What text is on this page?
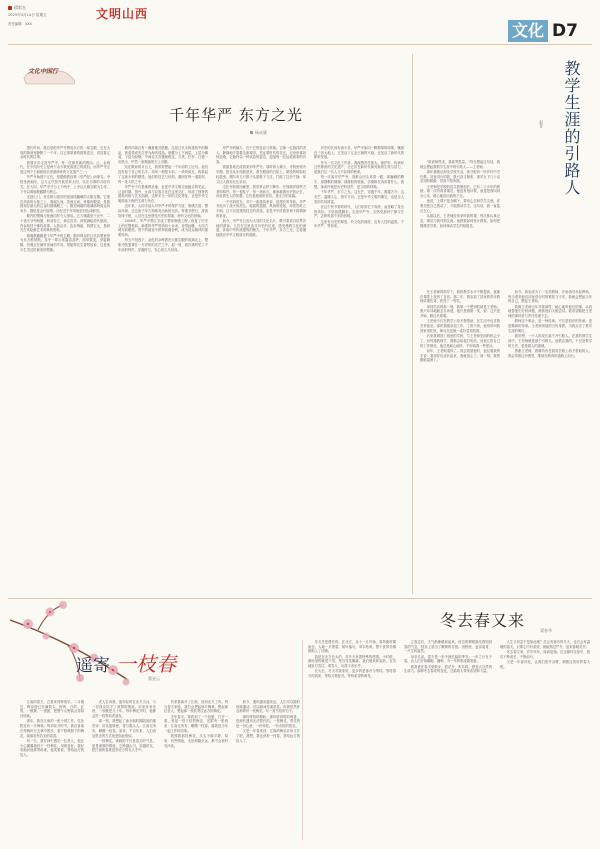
精彩在
2025年3月14日 星期五
责任编辑：XXX
文明山西
文化 D7
文化中国行
千年华严 东方之光
杨成雁

很长时间，我总是把华严寺想成东方的一座宝殿，它在大同的街巷里静默了一千年，以它那厚重的建筑语言，讲述着辽金时代的往事。

我曾多次走进华严寺，每一次都有新的感动。辽、金两代，在中国历史上是两个由少数民族建立的政权，而华严寺正是这两个王朝留给后世最珍贵的文化遗产之一。

华严寺始建于辽代，依据佛教经典《华严经》而命名。寺院坐西朝东，这与辽代契丹族崇拜太阳、以东为尊的习俗有关。在大同，华严寺分为上下两寺，上寺以大雄宝殿为主体，下寺以薄伽教藏殿为核心。

走进山门，首先映入眼帘的是那座巍峨的大雄宝殿。它建在高高的台基之上，面阔九间，进深五间，单檐庑殿顶，是我国现存最大的辽金时期佛殿之一。殿顶两端的琉璃鸱吻高达四米多，据说是金代原物，历经近千年风雨依旧色泽鲜亮。

殿内的塑像与壁画同样令人惊叹。五方佛端坐于正中，二十诸天分列两侧，躬身侍立，神态各异。四壁满绘清代壁画，内容取材于佛传故事，人物众多，色彩绚丽，构图宏大，是研究古代绘画艺术的珍贵资料。

薄伽教藏殿是下华严寺的主殿，殿内保存的辽代彩塑被誉为东方维纳斯。其中一尊合掌露齿菩萨，面带微笑，身姿婀娜，仿佛正在倾听世间的声音。郑振铎先生曾赞叹说，这是他平生见过的最美的塑像。

殿内四周还有一圈重楼式壁藏，这是辽代木构建筑中的精品，被梁思成先生誉为海内孤品。壁藏分上下两层，上层为佛龛，下层为经橱，中间以天宫楼阁相连，斗拱、栏杆、门窗一应俱全，俨然一座微缩的天上宫殿。

站在殿前的月台上，我常常想起一千年前的工匠们。他们没有留下自己的名字，却用一根根木料、一块块砖瓦，构筑起了这座永恒的殿堂。他们的技艺与信仰，凝固在每一道梁枋、每一处斗拱之中。

华严寺不仅是佛教圣地，也是中华文明交流融合的见证。辽金时期，契丹、女真与汉族文化在这里交汇，形成了独特的建筑风格与艺术面貌。这种多元一体的文化特征，正是中华文明绵延不绝的生命力所在。

近年来，大同市加大对华严寺的保护力度，修缮古建、整治环境，让这座千年古刹焕发出新的光彩。每逢节假日，游客络绎不绝，人们在这里感受历史的厚重，聆听文化的回响。

2008年，华严寺景区完成了整体修缮工程，恢复了历史上的完整格局。新建的华严塔高四十余米，登塔远眺，大同古城尽收眼底。塔下的地宫中供奉着佛舍利，成为信众朝拜的重要场所。

每当夕阳西下，金色的余晖洒在大雄宝殿的琉璃瓦上，整座寺院笼罩在一片祥和的光芒之中。那一刻，我仿佛听见了千年前的钟声，穿越时空，在心底久久回荡。

华严寺的魅力，在于它的包容与厚重。它像一位慈祥的老人，静静地守望着这座城市，见证着时代的变迁。无论世事如何沧桑，它始终以一种从容的姿态，迎接每一位远道而来的访客。

我最喜欢在清晨来到华严寺。那时游人稀少，寺院里格外安静。阳光从东面照进来，洒在殿前的石阶上，斑驳的树影轻轻摇曳。偶尔有几只鸽子从屋檐下飞过，打破了这份宁静，却又让人感到无比亲切。

走在寺院的回廊里，我常常会停下脚步，仔细端详那些古老的构件。每一根柱子、每一块砖石，都承载着历史的记忆，诉说着先人的智慧。它们是凝固的音乐，是无言的诗篇。

一千年的时光，对于一座建筑来说，是漫长的考验。华严寺经历了战火的洗礼、地震的摇撼、风雨的侵蚀，却依然屹立不倒。这不仅是建筑技艺的奇迹，更是中华民族坚韧不拔精神的象征。

如今，华严寺已成为大同的文化名片，吸引着来自世界各地的游客。人们在这里追寻历史的足迹，感受佛教文化的深邃，体验中华传统建筑的魅力。千年华严，东方之光，它将继续照亮中华文明前行的道路。

历史的长河奔流不息，华严寺如同一颗璀璨的明珠，镶嵌在三晋大地上。它见证了辽金王朝的兴衰，也见证了新时代的繁荣发展。

作为一名文化工作者，我深感责任重大。保护好、传承好这些珍贵的文化遗产，让它们在新时代焕发新的生机与活力，是我们这一代人义不容辞的使命。

每一次离开华严寺，我都会回头再望一眼。那巍峨的殿宇、那静默的佛像、那斑驳的壁画，仿佛都在诉说着什么。我想，那或许就是历史的回声，是文明的呼唤。

千年华严，东方之光。这光芒，穿越千年，照耀古今；这光芒，温暖人心，指引方向。它是中华文明的瑰宝，也是全人类的共同财富。

在这个快节奏的时代，人们常常忙于奔波，而忽略了身边的美好。不妨放慢脚步，走进华严寺，去感受那份宁静与庄严，去聆听那千年的回响。

这里有历史的厚度，有文化的深度，也有人性的温度。千年华严，等你来。

教学生涯的引路人
赵青

"谁说师恩浅，我欲寄思量。"每当想起这句话，我就会想起我教学生涯中的引路人——王老师。

那年我刚从师范学校毕业，被分配到一所乡村中学任教。初登讲台的我，既兴奋又紧张，面对台下几十双求知的眼睛，常常不知所措。

王老师是学校的语文教研组长，已有二十多年的教龄。第一次听我讲课后，他没有批评我，而是把我叫到办公室，耐心地指出我的不足。

他说，上课不是念稿子，要用心去和学生交流。你要先把自己感动了，才能感动学生。这句话，我一直铭记在心。

从那以后，王老师经常来听我的课，每次都认真记录，课后与我详细交流。他教我如何设计教案，如何把握课堂节奏，如何调动学生的积极性。

在王老师的指导下，我的教学水平不断提高，逐渐在课堂上找到了自信。第二年，我参加了县里的青年教师讲课比赛，获得了一等奖。

拿到奖状的那一刻，我第一个想到的就是王老师。我兴冲冲地跑去告诉他，他只是微微一笑，说：这只是开始，路还长着呢。

王老师不仅在教学上给予我帮助，在生活中也对我关怀备至。那时我刚参加工作，工资不高，他常常叫我到家里吃饭，师母总是做一桌好菜招待我。

后来我调到了城里的学校，与王老师见面的机会少了。但每逢教师节，我都会给他打电话，向他汇报自己的工作情况，他总是耐心地听，不时给我一些建议。

前年，王老师退休了。我去看望他时，他拉着我的手说：看到你们成长起来，我就放心了。那一刻，我的眼眶湿润了。

如今，我也成为了一名老教师，开始指导年轻教师。每当看到他们初登讲台时的紧张与不安，我就会想起当年的自己，想起王老师。

我像王老师当年对我那样，耐心地听他们的课，认真地帮他们分析问题，鼓励他们大胆尝试。我希望能把王老师的那份爱与责任传递下去。

教师这个职业，是一种传承。不仅是知识的传承，更是精神的传承。王老师用他的言传身教，为我点亮了教学生涯的明灯。

我常想，一个人的成长离不开引路人。在我的教学生涯中，王老师就是那个引路人。他教会我的，不仅是教学的方法，更是做人的道理。

感谢王老师，感谢所有在我成长路上给予帮助的人。我会带着这份感恩，继续在教育的道路上前行。

遥寄 一枝春
董金云

江南的春天，总是来得特别早。二月刚过，梅花便已开满枝头，粉的、白的、红的，一簇簇、一团团，把整个山野装点得如诗如画。

那年，我在江南的一座小城工作，住处附近有一片梅林。每到花开时节，我总喜欢在傍晚时分去林中散步，看夕阳映照下的梅花，闻那若有若无的清香。

有一天，我在林中遇见一位老人，他正小心翼翼地折下一枝梅花，用纸包好。我好奇地问他要寄给谁，他笑着说，寄给远方的故人。

老人告诉我，他年轻时在北方当兵，与一位战友结下了深厚的情谊。后来各奔东西，一别就是几十年。每年梅花开时，他都会折一枝寄给老战友。

那一刻，我想起了南北朝时期陆凯的那首诗：折花逢驿使，寄与陇头人。江南无所有，聊赠一枝春。原来，千百年来，人们表达思念的方式竟是如此相似。

一枝梅花，承载的不仅是春天的气息，更是深厚的情谊。它跨越山川，穿越时光，把江南的春意送到北方的友人手中。

后来我离开了江南，回到北方工作。每当春天来临，我总会想起那片梅林，想起那位老人，想起那一枝枝寄往远方的梅花。

去年春天，我收到了一个包裹，打开一看，竟是一枝干枯的梅花，还附有一张纸条：江南无所有，聊赠一枝春。落款是当年一起工作的同事。

我捧着那枝梅花，久久不能平静。原来，有些情谊，无论相隔多远，都不会被时光冲淡。

如今，通讯越来越发达，人们可以随时视频通话，可以瞬间传递消息。但我依然怀念那种折一枝梅花、写一封书信的日子。

那份等待的期盼，那份收到时的惊喜，是现代通讯无法替代的。一枝梅花，寄托的是一份心意，一份牵挂，一份永恒的思念。

又是一年春来到，江南的梅花应该又开了吧。我想，我也该折一枝春，寄给远方的故人了。

冬去春又来
梁春华

冬天总是漫长的。在北方，从十一月开始，寒风便呼啸而至，大地一片萧瑟。树叶落尽，草木枯黄，整个世界仿佛都陷入了沉睡。

我是在北方长大的，对冬天有着特殊的感情。小时候，最盼望的就是下雪。每当雪花飘落，我们便欢呼雀跃，在雪地里打雪仗、堆雪人，玩得不亦乐乎。

长大后，冬天对我来说，更多的是寒冷与等待。等待春天的到来，等待万物复苏，等待希望的萌发。

立春过后，天气渐渐暖和起来。河边的柳树最先感知到春的气息，枝条上冒出了嫩黄的芽苞。田野里，麦苗返青，一片生机盎然。

母亲总说，春天是一年中最忙碌的季节。一年之计在于春，农人们开始翻地、播种，为一年的收成做准备。

我喜欢在春天里散步，看花开，听鸟鸣，感受大自然的生命力。那种冬去春来的变化，总能给人带来希望和力量。

人生又何尝不是如此呢？总会有寒冷的冬天，也总会有温暖的春天。只要心中有希望，就能熬过严冬，迎来春暖花开。

冬去春又来，岁岁年年，周而复始。在这循环往复中，我们不断成长，不断前行。

又是一年春好处，让我们张开双臂，拥抱这美好的春天吧。
